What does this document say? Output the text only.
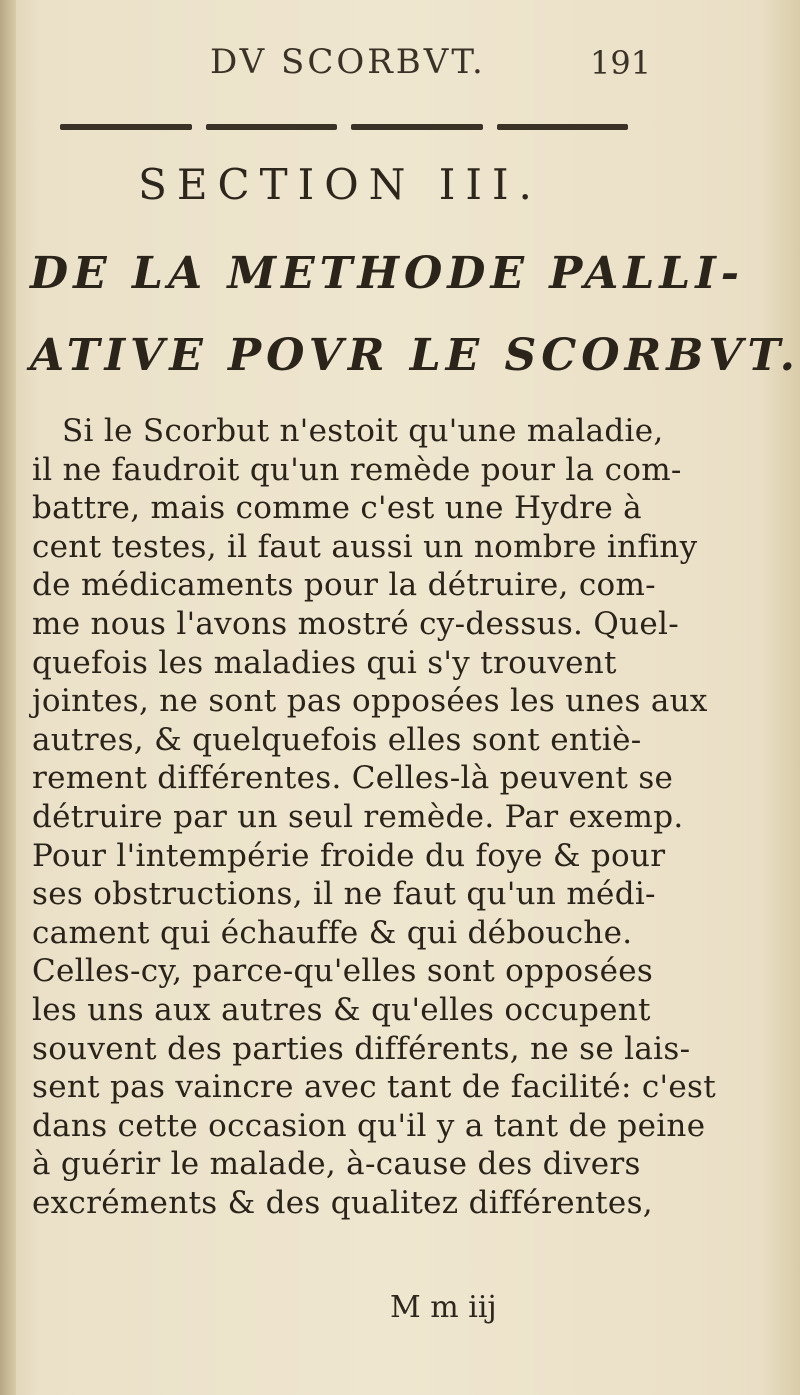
DV SCORBVT.	191
SECTION III.
DE LA METHODE PALLI-
ATIVE POVR LE SCORBVT.
Si le Scorbut n'estoit qu'une maladie,
il ne faudroit qu'un remède pour la com-
battre, mais comme c'est une Hydre à
cent testes, il faut aussi un nombre infiny
de médicaments pour la détruire, com-
me nous l'avons mostré cy-dessus. Quel-
quefois les maladies qui s'y trouvent
jointes, ne sont pas opposées les unes aux
autres, & quelquefois elles sont entiè-
rement différentes. Celles-là peuvent se
détruire par un seul remède. Par exemp.
Pour l'intempérie froide du foye & pour
ses obstructions, il ne faut qu'un médi-
cament qui échauffe & qui débouche.
Celles-cy, parce-qu'elles sont opposées
les uns aux autres & qu'elles occupent
souvent des parties différents, ne se lais-
sent pas vaincre avec tant de facilité: c'est
dans cette occasion qu'il y a tant de peine
à guérir le malade, à-cause des divers
excréments & des qualitez différentes,
M m iij
